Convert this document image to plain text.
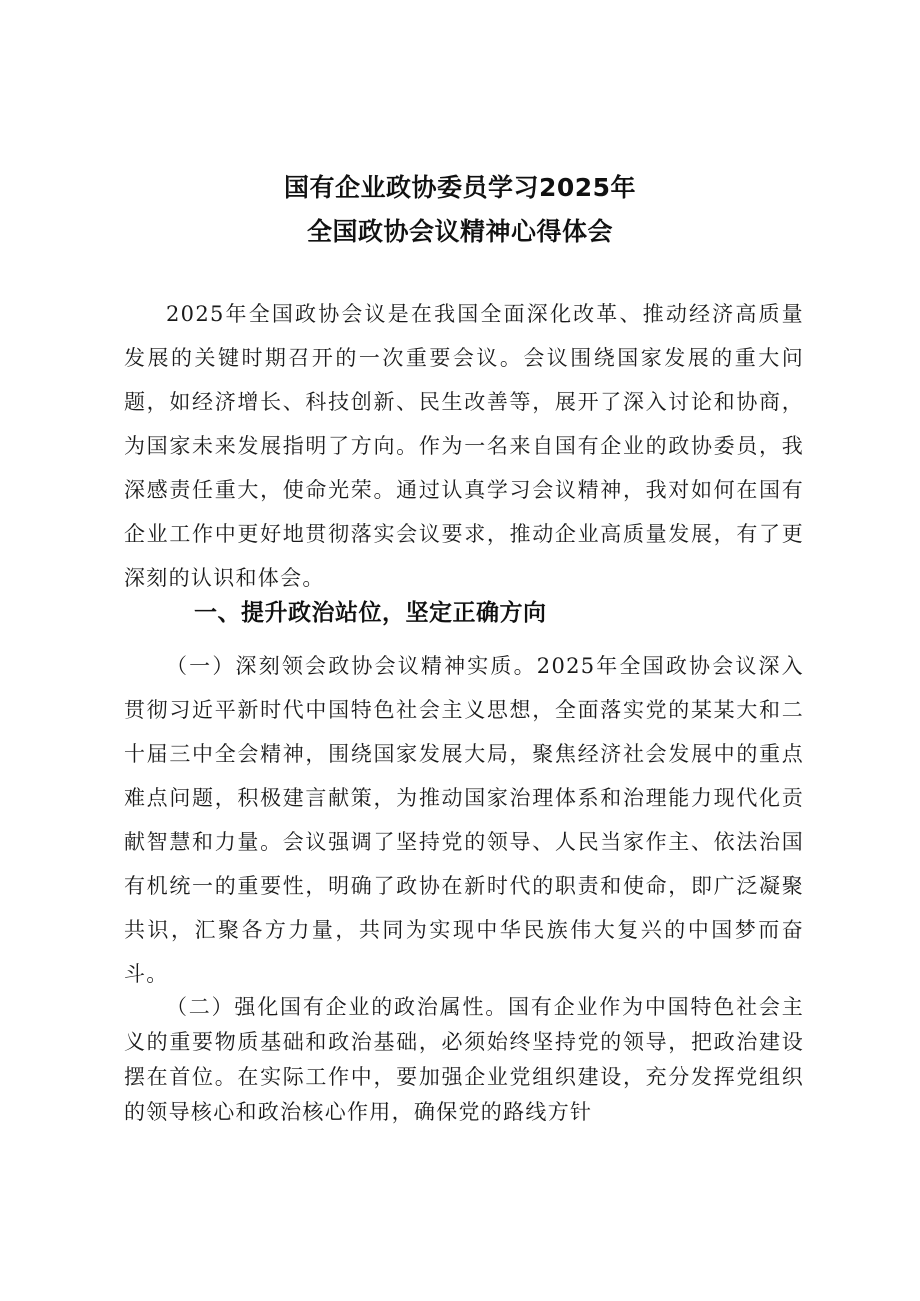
国有企业政协委员学习2025年
全国政协会议精神心得体会

2025年全国政协会议是在我国全面深化改革、推动经济高质量发展的关键时期召开的一次重要会议。会议围绕国家发展的重大问题，如经济增长、科技创新、民生改善等，展开了深入讨论和协商，为国家未来发展指明了方向。作为一名来自国有企业的政协委员，我深感责任重大，使命光荣。通过认真学习会议精神，我对如何在国有企业工作中更好地贯彻落实会议要求，推动企业高质量发展，有了更深刻的认识和体会。

一、提升政治站位，坚定正确方向

（一）深刻领会政协会议精神实质。2025年全国政协会议深入贯彻习近平新时代中国特色社会主义思想，全面落实党的某某大和二十届三中全会精神，围绕国家发展大局，聚焦经济社会发展中的重点难点问题，积极建言献策，为推动国家治理体系和治理能力现代化贡献智慧和力量。会议强调了坚持党的领导、人民当家作主、依法治国有机统一的重要性，明确了政协在新时代的职责和使命，即广泛凝聚共识，汇聚各方力量，共同为实现中华民族伟大复兴的中国梦而奋斗。

（二）强化国有企业的政治属性。国有企业作为中国特色社会主义的重要物质基础和政治基础，必须始终坚持党的领导，把政治建设摆在首位。在实际工作中，要加强企业党组织建设，充分发挥党组织的领导核心和政治核心作用，确保党的路线方针
